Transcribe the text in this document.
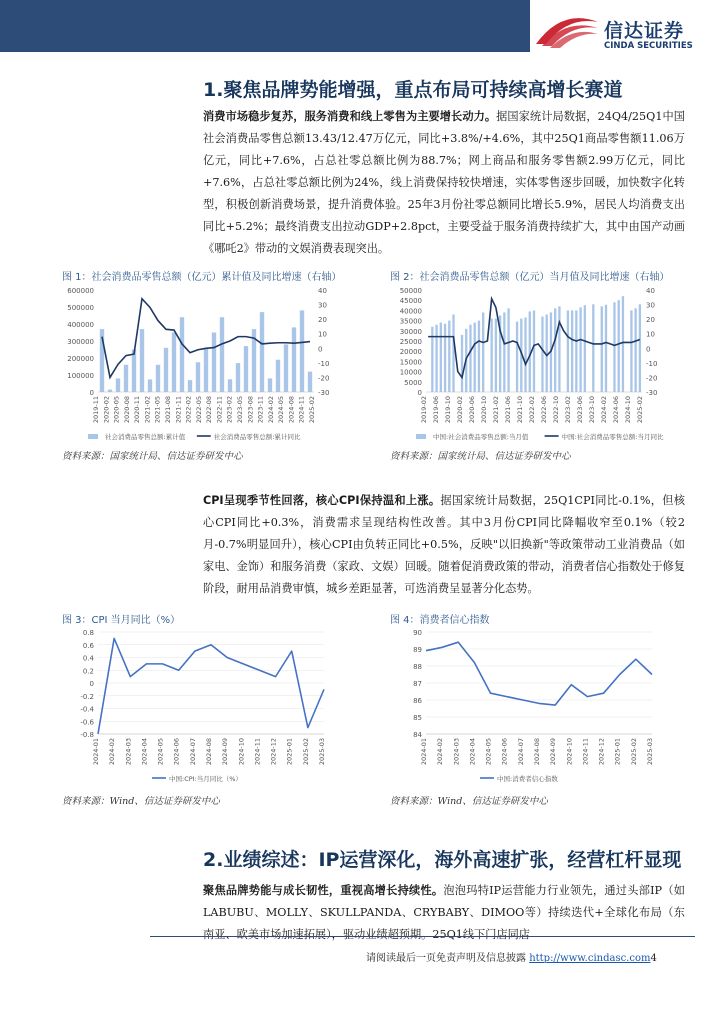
信达证券
CINDA SECURITIES
1.聚焦品牌势能增强，重点布局可持续高增长赛道
消费市场稳步复苏，服务消费和线上零售为主要增长动力。据国家统计局数据，24Q4/25Q1中国社会消费品零售总额13.43/12.47万亿元，同比+3.8%/+4.6%，其中25Q1商品零售额11.06万亿元，同比+7.6%，占总社零总额比例为88.7%；网上商品和服务零售额2.99万亿元，同比+7.6%，占总社零总额比例为24%，线上消费保持较快增速，实体零售逐步回暖，加快数字化转型，积极创新消费场景，提升消费体验。25年3月份社零总额同比增长5.9%，居民人均消费支出同比+5.2%；最终消费支出拉动GDP+2.8pct，主要受益于服务消费持续扩大，其中由国产动画《哪吒2》带动的文娱消费表现突出。
图 1：社会消费品零售总额（亿元）累计值及同比增速（右轴）
0
100000
200000
300000
400000
500000
600000
2019-11 2020-02 2020-05 2020-08 2020-11 2021-02 2021-05 2021-08 2021-11 2022-02 2022-05 2022-08 2022-11 2023-02 2023-05 2023-08 2023-11 2024-02 2024-05 2024-08 2024-11 2025-02
-30
-20
-10
0
10
20
30
40
社会消费品零售总额:累计值	社会消费品零售总额:累计同比
资料来源：国家统计局、信达证券研发中心
图 2：社会消费品零售总额（亿元）当月值及同比增速（右轴）
0
5000
10000
15000
20000
25000
30000
35000
40000
45000
50000
2019-02 2019-06 2019-10 2020-02 2020-06 2020-10 2021-02 2021-06 2021-10 2022-02 2022-06 2022-10 2023-02 2023-06 2023-10 2024-02 2024-06 2024-10 2025-02
-30
-20
-10
0
10
20
30
40
中国:社会消费品零售总额:当月值	中国:社会消费品零售总额:当月同比
资料来源：国家统计局、信达证券研发中心
CPI呈现季节性回落，核心CPI保持温和上涨。据国家统计局数据，25Q1CPI同比-0.1%，但核心CPI同比+0.3%，消费需求呈现结构性改善。其中3月份CPI同比降幅收窄至0.1%（较2月-0.7%明显回升），核心CPI由负转正同比+0.5%，反映"以旧换新"等政策带动工业消费品（如家电、金饰）和服务消费（家政、文娱）回暖。随着促消费政策的带动，消费者信心指数处于修复阶段，耐用品消费审慎，城乡差距显著，可选消费呈显著分化态势。
图 3：CPI 当月同比（%）
-0.8
-0.6
-0.4
-0.2
0
0.2
0.4
0.6
0.8
2024-01 2024-02 2024-03 2024-04 2024-05 2024-06 2024-07 2024-08 2024-09 2024-10 2024-11 2024-12 2025-01 2025-02 2025-03
中国:CPI:当月同比（%）
资料来源：Wind、信达证券研发中心
图 4：消费者信心指数
84
85
86
87
88
89
90
2024-01 2024-02 2024-03 2024-04 2024-05 2024-06 2024-07 2024-08 2024-09 2024-10 2024-11 2024-12 2025-01 2025-02 2025-03
中国:消费者信心指数
资料来源：Wind、信达证券研发中心
2.业绩综述：IP运营深化，海外高速扩张，经营杠杆显现
聚焦品牌势能与成长韧性，重视高增长持续性。泡泡玛特IP运营能力行业领先，通过头部IP（如LABUBU、MOLLY、SKULLPANDA、CRYBABY、DIMOO等）持续迭代+全球化布局（东南亚、欧美市场加速拓展），驱动业绩超预期。25Q1线下门店同店
请阅读最后一页免责声明及信息披露 http://www.cindasc.com4
